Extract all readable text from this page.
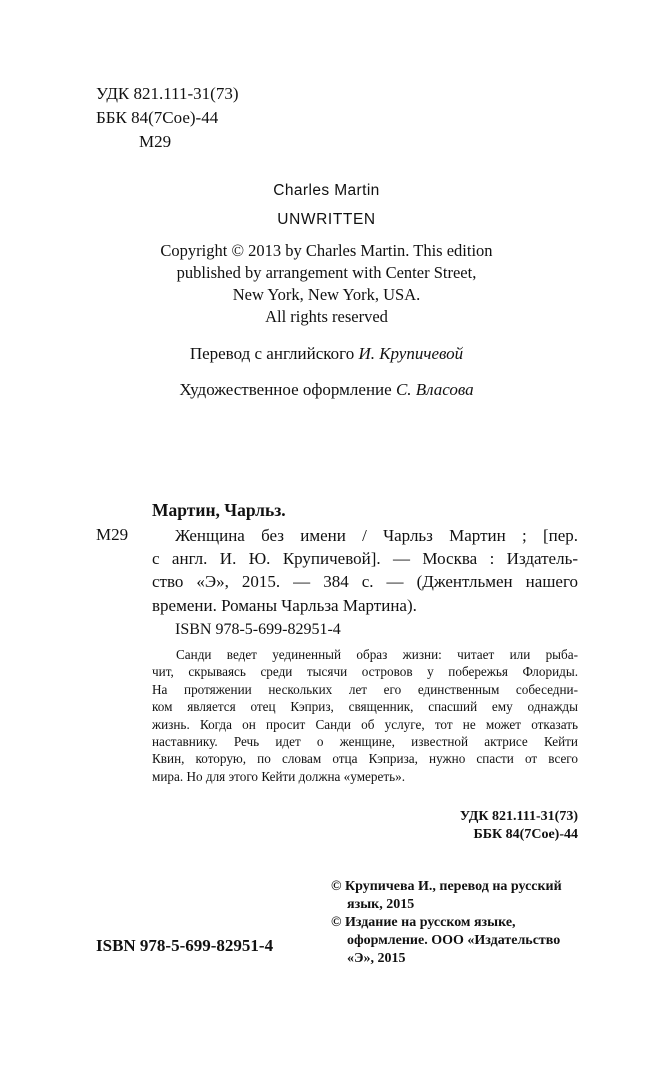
УДК 821.111-31(73)
ББК 84(7Сое)-44
М29
Charles Martin
UNWRITTEN
Copyright © 2013 by Charles Martin. This edition
published by arrangement with Center Street,
New York, New York, USA.
All rights reserved
Перевод с английского И. Крупичевой
Художественное оформление С. Власова
Мартин, Чарльз.
М29	Женщина без имени / Чарльз Мартин ; [пер.
с англ. И. Ю. Крупичевой]. — Москва : Издатель-
ство «Э», 2015. — 384 с. — (Джентльмен нашего
времени. Романы Чарльза Мартина).
ISBN 978-5-699-82951-4
Санди ведет уединенный образ жизни: читает или рыба-
чит, скрываясь среди тысячи островов у побережья Флориды.
На протяжении нескольких лет его единственным собеседни-
ком является отец Кэприз, священник, спасший ему однажды
жизнь. Когда он просит Санди об услуге, тот не может отказать
наставнику. Речь идет о женщине, известной актрисе Кейти
Квин, которую, по словам отца Кэприза, нужно спасти от всего
мира. Но для этого Кейти должна «умереть».
УДК 821.111-31(73)
ББК 84(7Сое)-44
© Крупичева И., перевод на русский
язык, 2015
© Издание на русском языке,
оформление. ООО «Издательство
«Э», 2015
ISBN 978-5-699-82951-4
